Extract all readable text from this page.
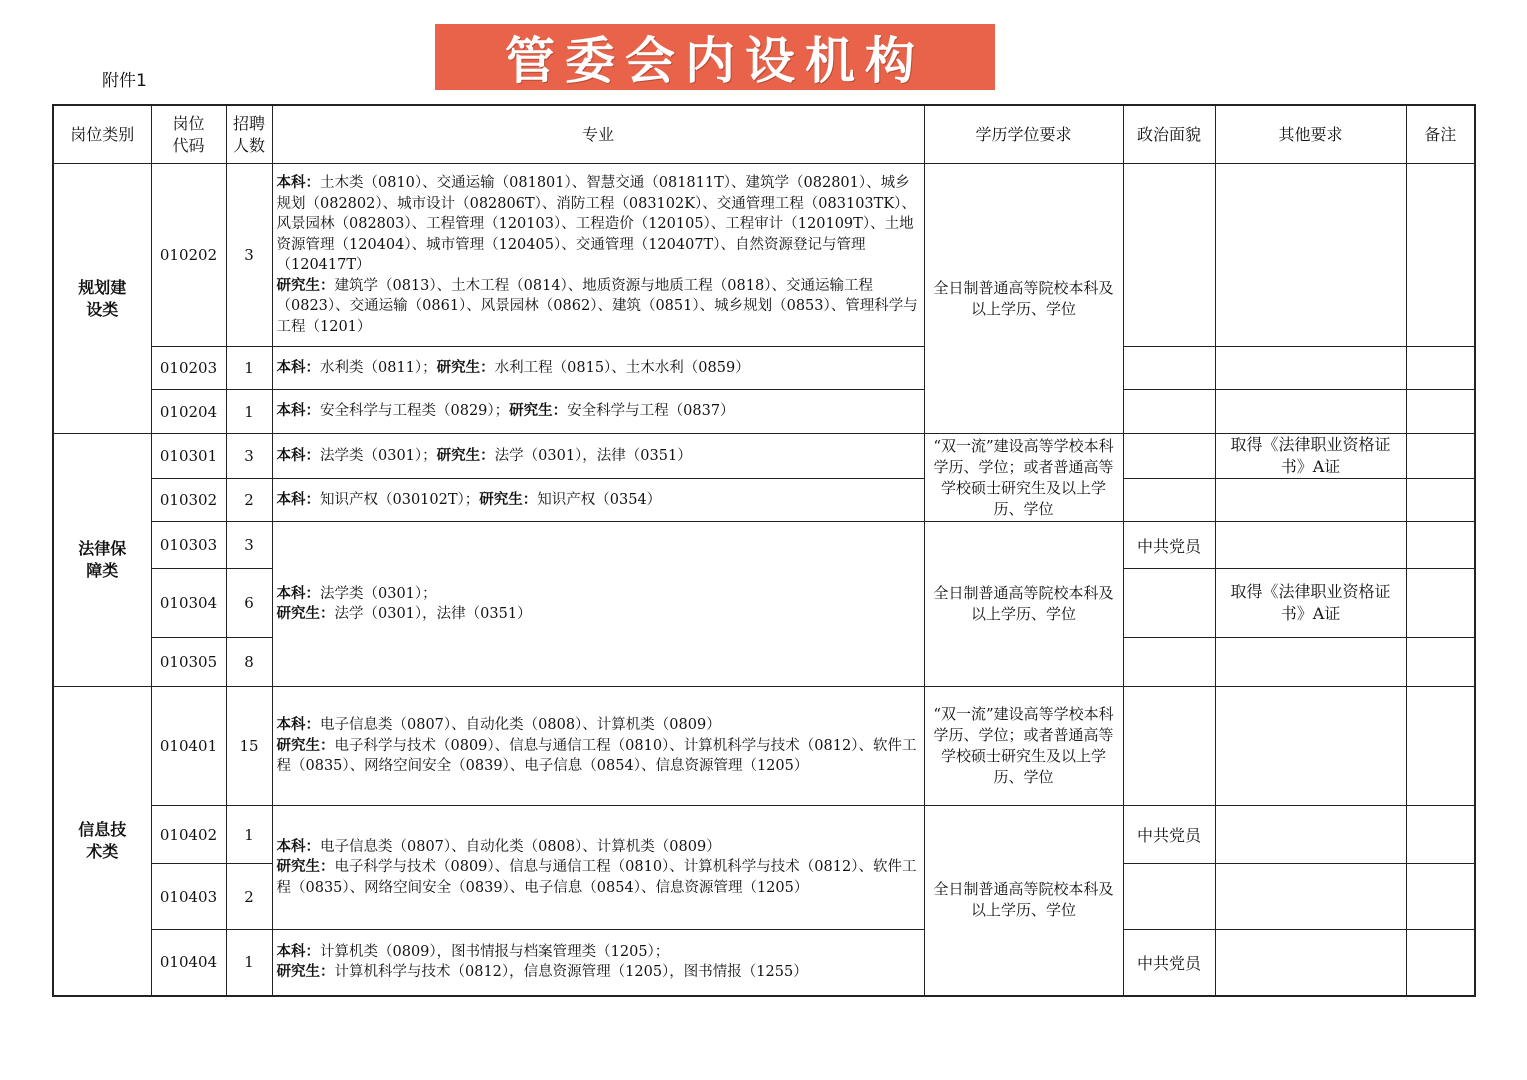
管委会内设机构
附件1
岗位类别	岗位代码	招聘人数	专业	学历学位要求	政治面貌	其他要求	备注
规划建设类	010202	3	本科：土木类（0810）、交通运输（081801）、智慧交通（081811T）、建筑学（082801）、城乡规划（082802）、城市设计（082806T）、消防工程（083102K）、交通管理工程（083103TK）、风景园林（082803）、工程管理（120103）、工程造价（120105）、工程审计（120109T）、土地资源管理（120404）、城市管理（120405）、交通管理（120407T）、自然资源登记与管理（120417T）
研究生：建筑学（0813）、土木工程（0814）、地质资源与地质工程（0818）、交通运输工程（0823）、交通运输（0861）、风景园林（0862）、建筑（0851）、城乡规划（0853）、管理科学与工程（1201）	全日制普通高等院校本科及以上学历、学位			
	010203	1	本科：水利类（0811）；研究生：水利工程（0815）、土木水利（0859）				
	010204	1	本科：安全科学与工程类（0829）；研究生：安全科学与工程（0837）				
法律保障类	010301	3	本科：法学类（0301）；研究生：法学（0301），法律（0351）	“双一流”建设高等学校本科学历、学位；或者普通高等学校硕士研究生及以上学历、学位		取得《法律职业资格证书》A证	
	010302	2	本科：知识产权（030102T）；研究生：知识产权（0354）				
	010303	3	本科：法学类（0301）；
研究生：法学（0301），法律（0351）	全日制普通高等院校本科及以上学历、学位	中共党员		
	010304	6				取得《法律职业资格证书》A证	
	010305	8					
信息技术类	010401	15	本科：电子信息类（0807）、自动化类（0808）、计算机类（0809）
研究生：电子科学与技术（0809）、信息与通信工程（0810）、计算机科学与技术（0812）、软件工程（0835）、网络空间安全（0839）、电子信息（0854）、信息资源管理（1205）	“双一流”建设高等学校本科学历、学位；或者普通高等学校硕士研究生及以上学历、学位			
	010402	1	本科：电子信息类（0807）、自动化类（0808）、计算机类（0809）
研究生：电子科学与技术（0809）、信息与通信工程（0810）、计算机科学与技术（0812）、软件工程（0835）、网络空间安全（0839）、电子信息（0854）、信息资源管理（1205）	全日制普通高等院校本科及以上学历、学位	中共党员		
	010403	2					
	010404	1	本科：计算机类（0809），图书情报与档案管理类（1205）；
研究生：计算机科学与技术（0812），信息资源管理（1205），图书情报（1255）		中共党员		
